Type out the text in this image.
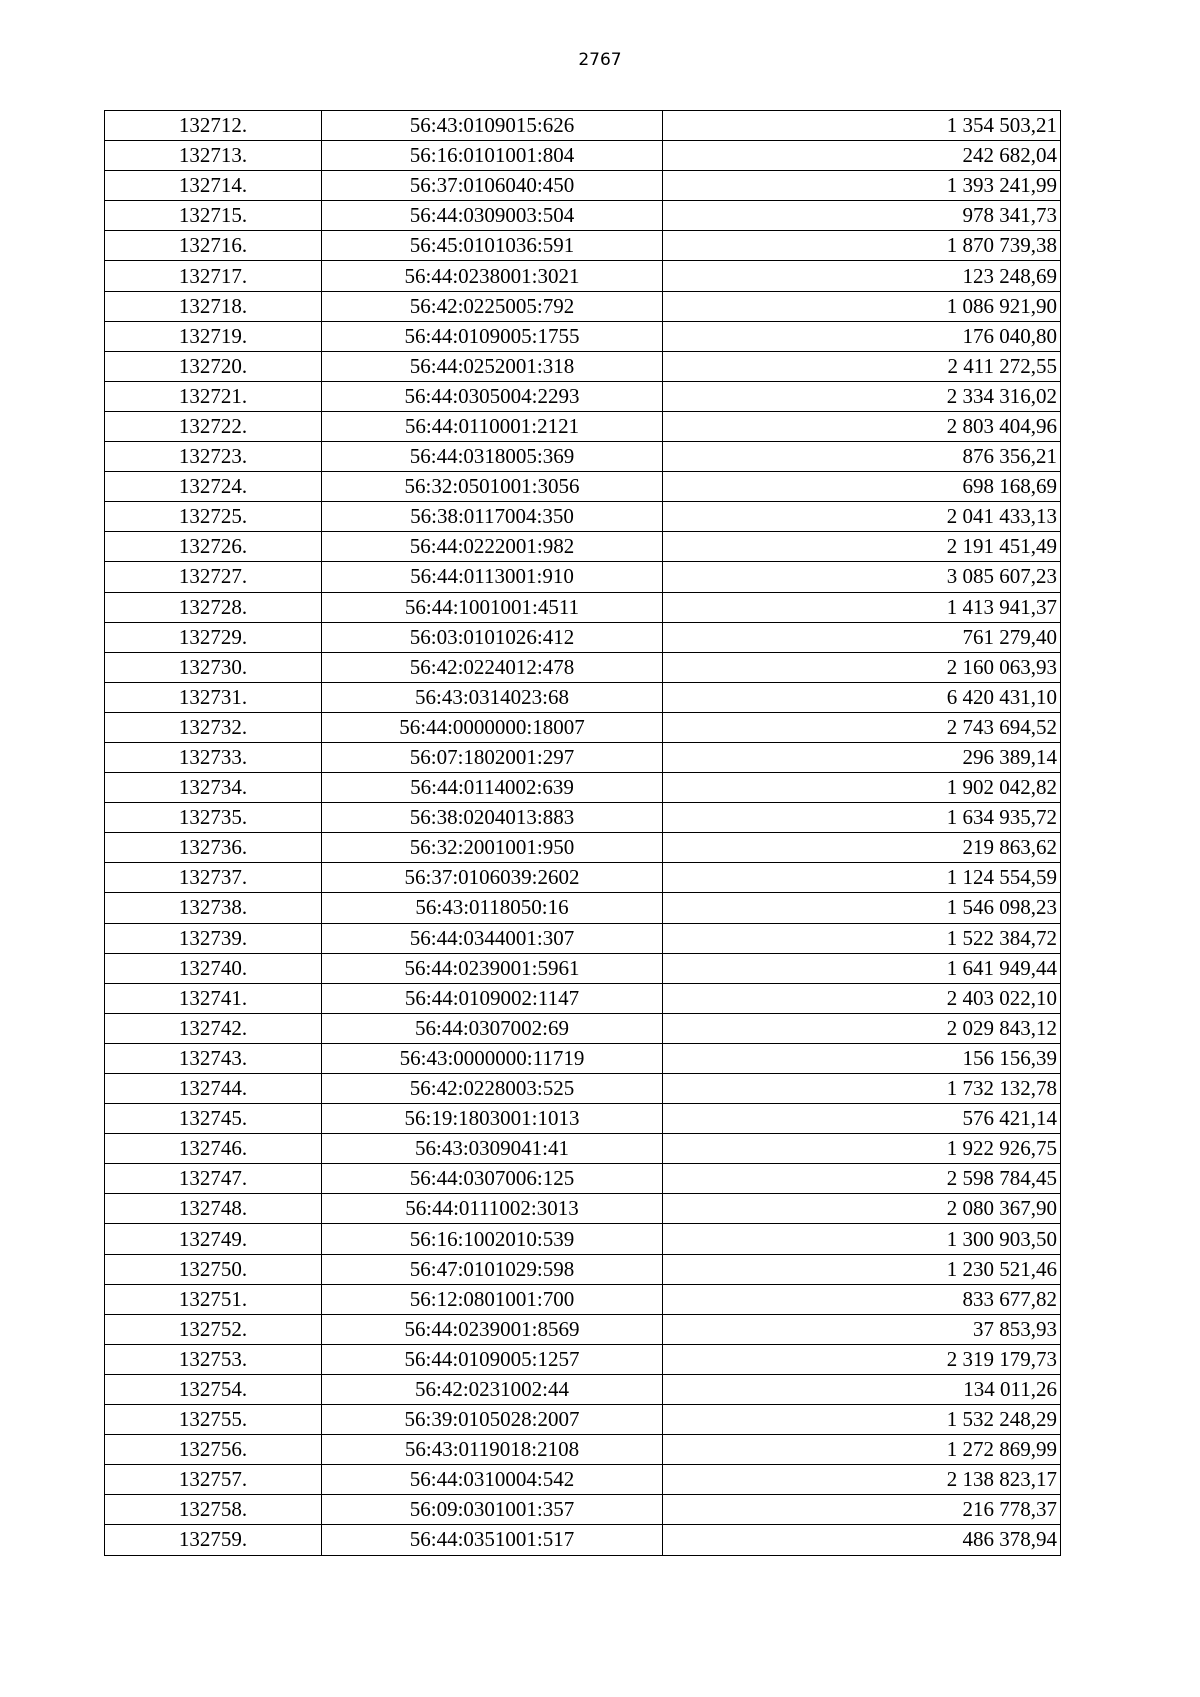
2767
132712.	56:43:0109015:626	1 354 503,21
132713.	56:16:0101001:804	242 682,04
132714.	56:37:0106040:450	1 393 241,99
132715.	56:44:0309003:504	978 341,73
132716.	56:45:0101036:591	1 870 739,38
132717.	56:44:0238001:3021	123 248,69
132718.	56:42:0225005:792	1 086 921,90
132719.	56:44:0109005:1755	176 040,80
132720.	56:44:0252001:318	2 411 272,55
132721.	56:44:0305004:2293	2 334 316,02
132722.	56:44:0110001:2121	2 803 404,96
132723.	56:44:0318005:369	876 356,21
132724.	56:32:0501001:3056	698 168,69
132725.	56:38:0117004:350	2 041 433,13
132726.	56:44:0222001:982	2 191 451,49
132727.	56:44:0113001:910	3 085 607,23
132728.	56:44:1001001:4511	1 413 941,37
132729.	56:03:0101026:412	761 279,40
132730.	56:42:0224012:478	2 160 063,93
132731.	56:43:0314023:68	6 420 431,10
132732.	56:44:0000000:18007	2 743 694,52
132733.	56:07:1802001:297	296 389,14
132734.	56:44:0114002:639	1 902 042,82
132735.	56:38:0204013:883	1 634 935,72
132736.	56:32:2001001:950	219 863,62
132737.	56:37:0106039:2602	1 124 554,59
132738.	56:43:0118050:16	1 546 098,23
132739.	56:44:0344001:307	1 522 384,72
132740.	56:44:0239001:5961	1 641 949,44
132741.	56:44:0109002:1147	2 403 022,10
132742.	56:44:0307002:69	2 029 843,12
132743.	56:43:0000000:11719	156 156,39
132744.	56:42:0228003:525	1 732 132,78
132745.	56:19:1803001:1013	576 421,14
132746.	56:43:0309041:41	1 922 926,75
132747.	56:44:0307006:125	2 598 784,45
132748.	56:44:0111002:3013	2 080 367,90
132749.	56:16:1002010:539	1 300 903,50
132750.	56:47:0101029:598	1 230 521,46
132751.	56:12:0801001:700	833 677,82
132752.	56:44:0239001:8569	37 853,93
132753.	56:44:0109005:1257	2 319 179,73
132754.	56:42:0231002:44	134 011,26
132755.	56:39:0105028:2007	1 532 248,29
132756.	56:43:0119018:2108	1 272 869,99
132757.	56:44:0310004:542	2 138 823,17
132758.	56:09:0301001:357	216 778,37
132759.	56:44:0351001:517	486 378,94
